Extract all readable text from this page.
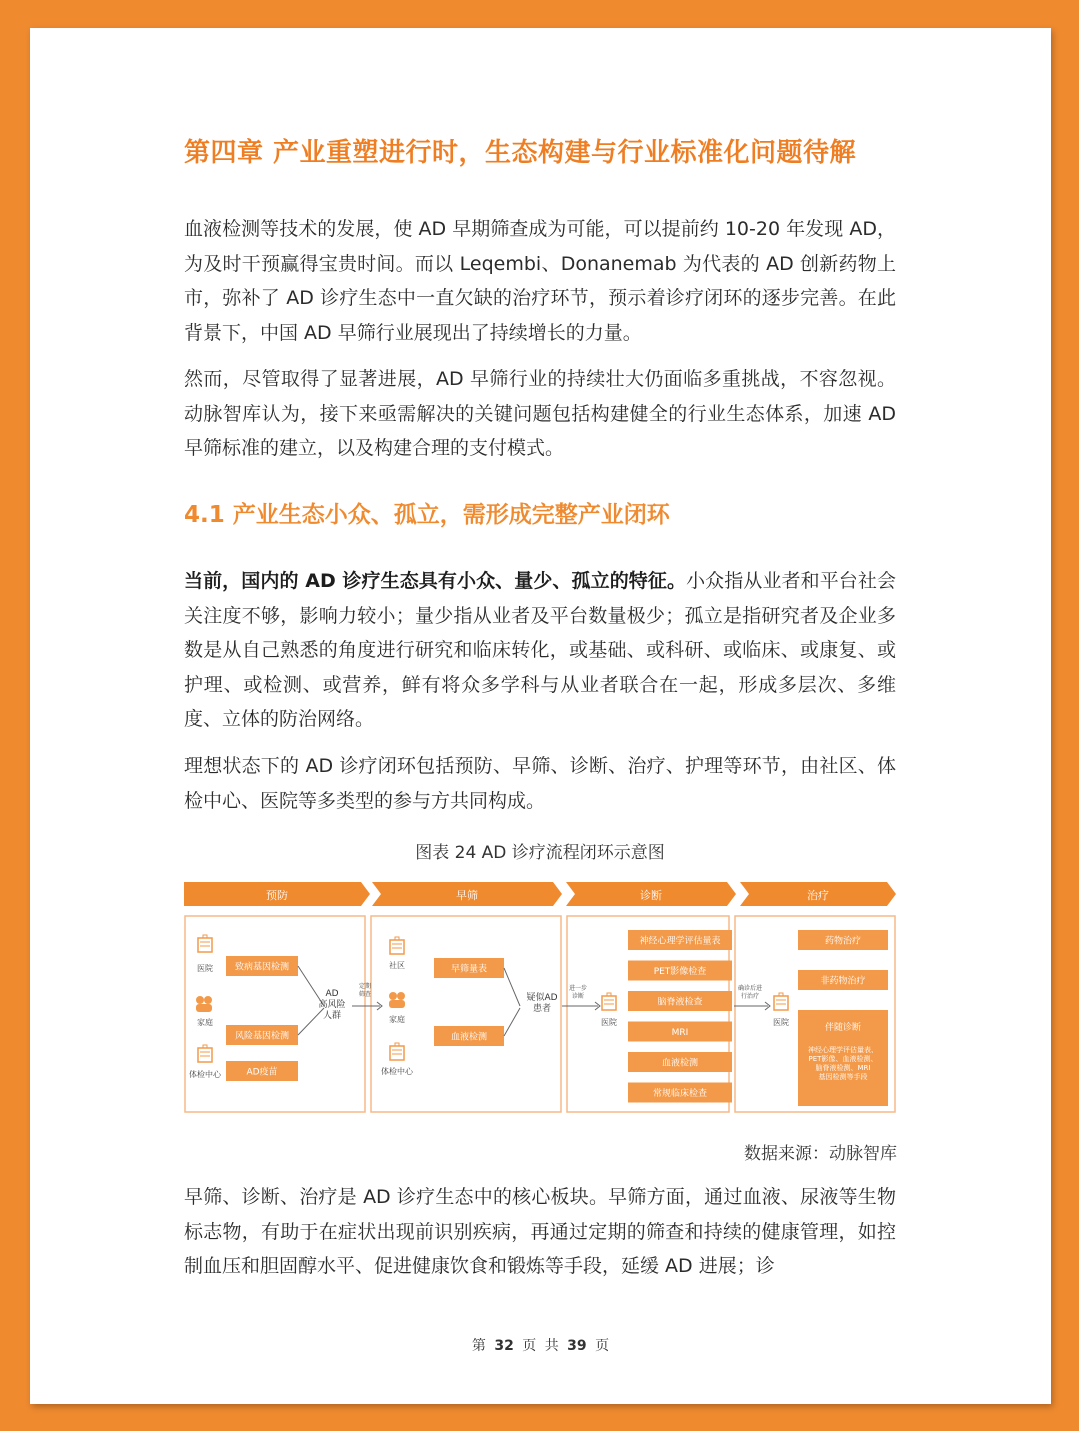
第四章 产业重塑进行时，生态构建与行业标准化问题待解

血液检测等技术的发展，使 AD 早期筛查成为可能，可以提前约 10-20 年发现 AD，为及时干预赢得宝贵时间。而以 Leqembi、Donanemab 为代表的 AD 创新药物上市，弥补了 AD 诊疗生态中一直欠缺的治疗环节，预示着诊疗闭环的逐步完善。在此背景下，中国 AD 早筛行业展现出了持续增长的力量。

然而，尽管取得了显著进展，AD 早筛行业的持续壮大仍面临多重挑战，不容忽视。动脉智库认为，接下来亟需解决的关键问题包括构建健全的行业生态体系，加速 AD 早筛标准的建立，以及构建合理的支付模式。

4.1 产业生态小众、孤立，需形成完整产业闭环

当前，国内的 AD 诊疗生态具有小众、量少、孤立的特征。小众指从业者和平台社会关注度不够，影响力较小；量少指从业者及平台数量极少；孤立是指研究者及企业多数是从自己熟悉的角度进行研究和临床转化，或基础、或科研、或临床、或康复、或护理、或检测、或营养，鲜有将众多学科与从业者联合在一起，形成多层次、多维度、立体的防治网络。

理想状态下的 AD 诊疗闭环包括预防、早筛、诊断、治疗、护理等环节，由社区、体检中心、医院等多类型的参与方共同构成。

图表 24 AD 诊疗流程闭环示意图
预防	早筛	诊断	治疗
医院
家庭
体检中心
致病基因检测
风险基因检测
AD疫苗
AD
高风险
人群
定期
筛查
社区
家庭
体检中心
早筛量表
血液检测
疑似AD
患者
进一步
诊断
医院
神经心理学评估量表
PET影像检查
脑脊液检查
MRI
血液检测
常规临床检查
确诊后进
行治疗
医院
药物治疗
非药物治疗
伴随诊断
神经心理学评估量表、
PET影像、血液检测、
脑脊液检测、MRI
基因检测等手段
数据来源：动脉智库

早筛、诊断、治疗是 AD 诊疗生态中的核心板块。早筛方面，通过血液、尿液等生物标志物，有助于在症状出现前识别疾病，再通过定期的筛查和持续的健康管理，如控制血压和胆固醇水平、促进健康饮食和锻炼等手段，延缓 AD 进展；诊

第 32 页 共 39 页
